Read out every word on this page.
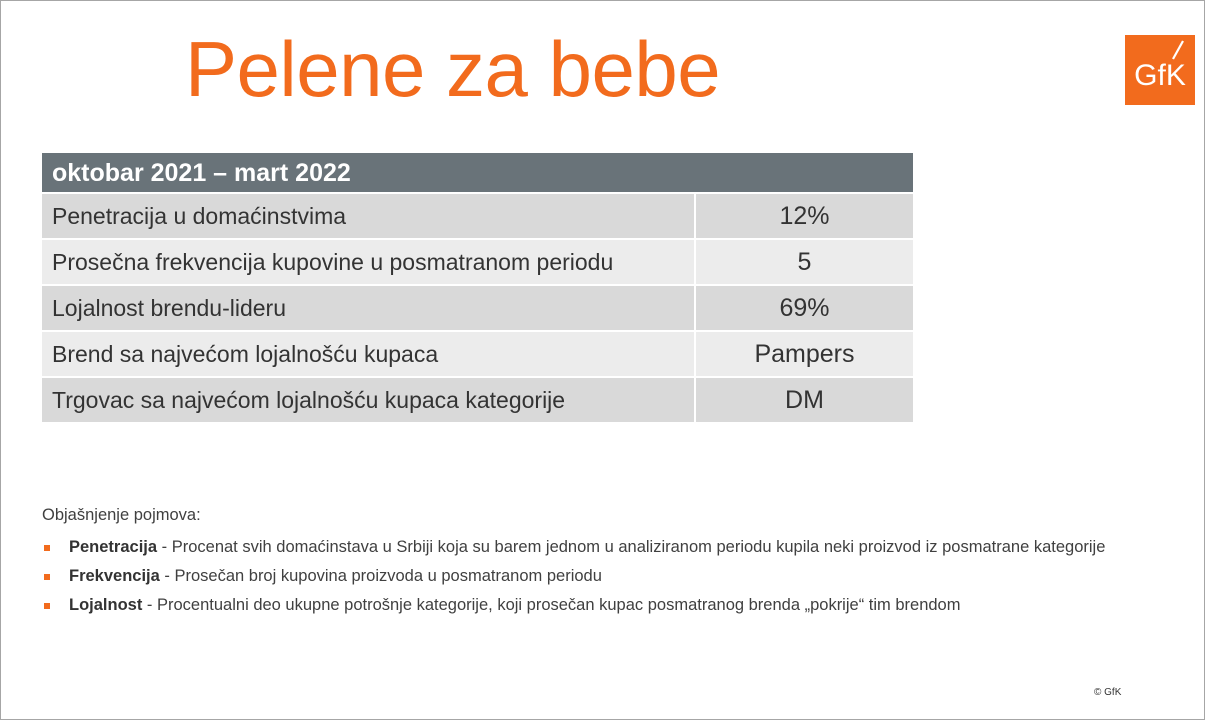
Pelene za bebe	GfK
oktobar 2021 – mart 2022
Penetracija u domaćinstvima	12%
Prosečna frekvencija kupovine u posmatranom periodu	5
Lojalnost brendu-lideru	69%
Brend sa najvećom lojalnošću kupaca	Pampers
Trgovac sa najvećom lojalnošću kupaca kategorije	DM
Objašnjenje pojmova:
Penetracija - Procenat svih domaćinstava u Srbiji koja su barem jednom u analiziranom periodu kupila neki proizvod iz posmatrane kategorije
Frekvencija - Prosečan broj kupovina proizvoda u posmatranom periodu
Lojalnost - Procentualni deo ukupne potrošnje kategorije, koji prosečan kupac posmatranog brenda „pokrije“ tim brendom
© GfK
